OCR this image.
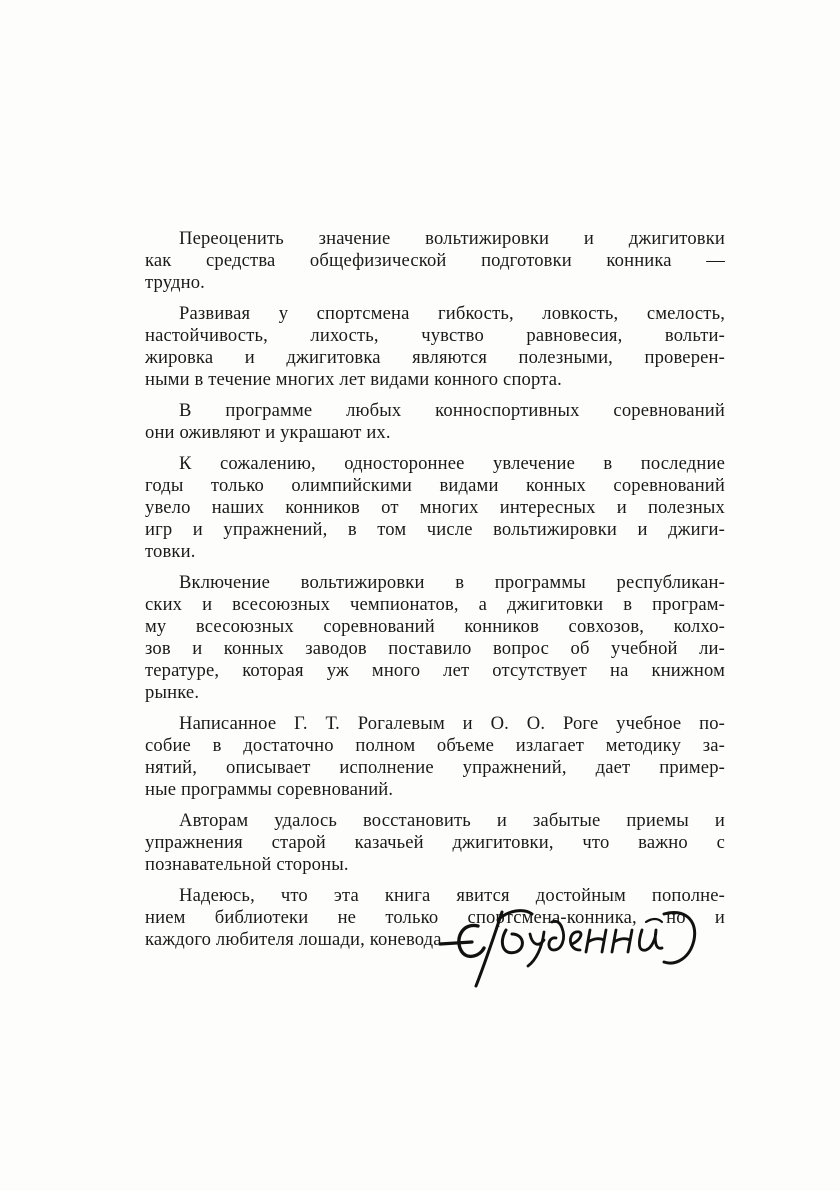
Переоценить значение вольтижировки и джигитовки
как средства общефизической подготовки конника —
трудно.

Развивая у спортсмена гибкость, ловкость, смелость,
настойчивость, лихость, чувство равновесия, вольти-
жировка и джигитовка являются полезными, проверен-
ными в течение многих лет видами конного спорта.

В программе любых конноспортивных соревнований
они оживляют и украшают их.

К сожалению, одностороннее увлечение в последние
годы только олимпийскими видами конных соревнований
увело наших конников от многих интересных и полезных
игр и упражнений, в том числе вольтижировки и джиги-
товки.

Включение вольтижировки в программы республикан-
ских и всесоюзных чемпионатов, а джигитовки в програм-
му всесоюзных соревнований конников совхозов, колхо-
зов и конных заводов поставило вопрос об учебной ли-
тературе, которая уж много лет отсутствует на книжном
рынке.

Написанное Г. Т. Рогалевым и О. О. Роге учебное по-
собие в достаточно полном объеме излагает методику за-
нятий, описывает исполнение упражнений, дает пример-
ные программы соревнований.

Авторам удалось восстановить и забытые приемы и
упражнения старой казачьей джигитовки, что важно с
познавательной стороны.

Надеюсь, что эта книга явится достойным пополне-
нием библиотеки не только спортсмена-конника, но и
каждого любителя лошади, коневода.
